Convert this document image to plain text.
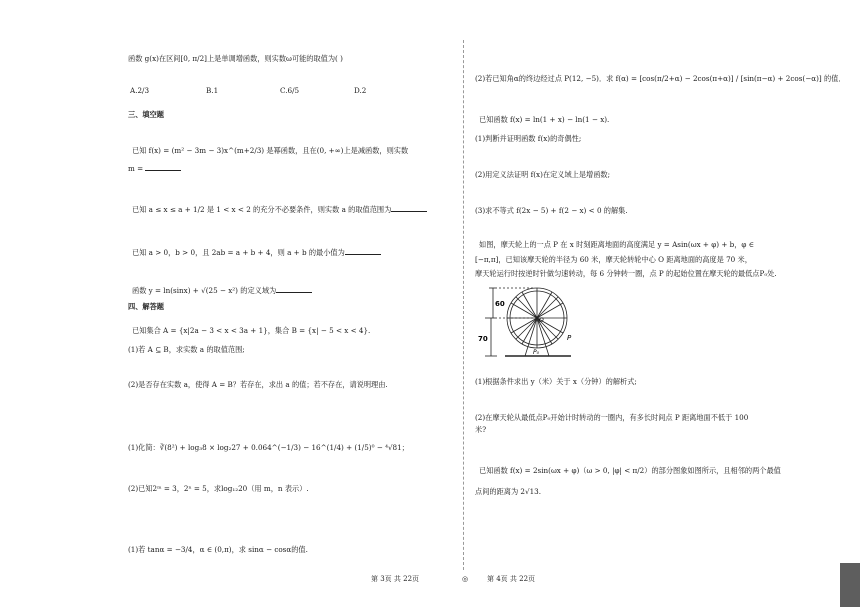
函数 g(x)在区间[0, π/2]上是单调增函数，则实数ω可能的取值为( )
A.2/3	B.1	C.6/5	D.2
三、填空题
已知 f(x) = (m² − 3m − 3)x^(m+2/3) 是幂函数，且在(0, +∞)上是减函数，则实数
m =
已知 a ≤ x ≤ a + 1/2 是 1 < x < 2 的充分不必要条件，则实数 a 的取值范围为
已知 a > 0，b > 0，且 2ab = a + b + 4，则 a + b 的最小值为
函数 y = ln(sinx) + √(25 − x²) 的定义域为
四、解答题
已知集合 A = {x|2a − 3 < x < 3a + 1}，集合 B = {x| − 5 < x < 4}.
(1)若 A ⊆ B，求实数 a 的取值范围;
(2)是否存在实数 a，使得 A = B？若存在，求出 a 的值；若不存在，请说明理由.
(1)化简：∛(8²) + log₃8 × log₂27 + 0.064^(−1/3) − 16^(1/4) + (1/5)⁰ − ⁴√81；
(2)已知2ᵐ = 3，2ⁿ = 5，求log₁₂20（用 m，n 表示）.
(1)若 tanα = −3/4，α ∈ (0,π)，求 sinα − cosα的值.
(2)若已知角α的终边经过点 P(12, −5)．求 f(α) = [cos(π/2+α) − 2cos(π+α)] / [sin(π−α) + 2cos(−α)] 的值．
已知函数 f(x) = ln(1 + x) − ln(1 − x).
(1)判断并证明函数 f(x)的奇偶性;
(2)用定义法证明 f(x)在定义域上是增函数;
(3)求不等式 f(2x − 5) + f(2 − x) < 0 的解集.
如图，摩天轮上的一点 P 在 x 时刻距离地面的高度满足 y = Asin(ωx + φ) + b，φ ∈
[−π,π]，已知该摩天轮的半径为 60 米，摩天轮转轮中心 O 距离地面的高度是 70 米，
摩天轮运行时按逆时针做匀速转动，每 6 分钟转一圈，点 P 的起始位置在摩天轮的最低点P₀处.
60
70	P
O
P₀
(1)根据条件求出 y（米）关于 x（分钟）的解析式;
(2)在摩天轮从最低点P₀开始计时转动的一圈内，有多长时间点 P 距离地面不低于 100
米?
已知函数 f(x) = 2sin(ωx + φ)（ω > 0, |φ| < π/2）的部分图象如图所示，且相邻的两个最值
点间的距离为 2√13.
第 3页 共 22页	◎	第 4页 共 22页
